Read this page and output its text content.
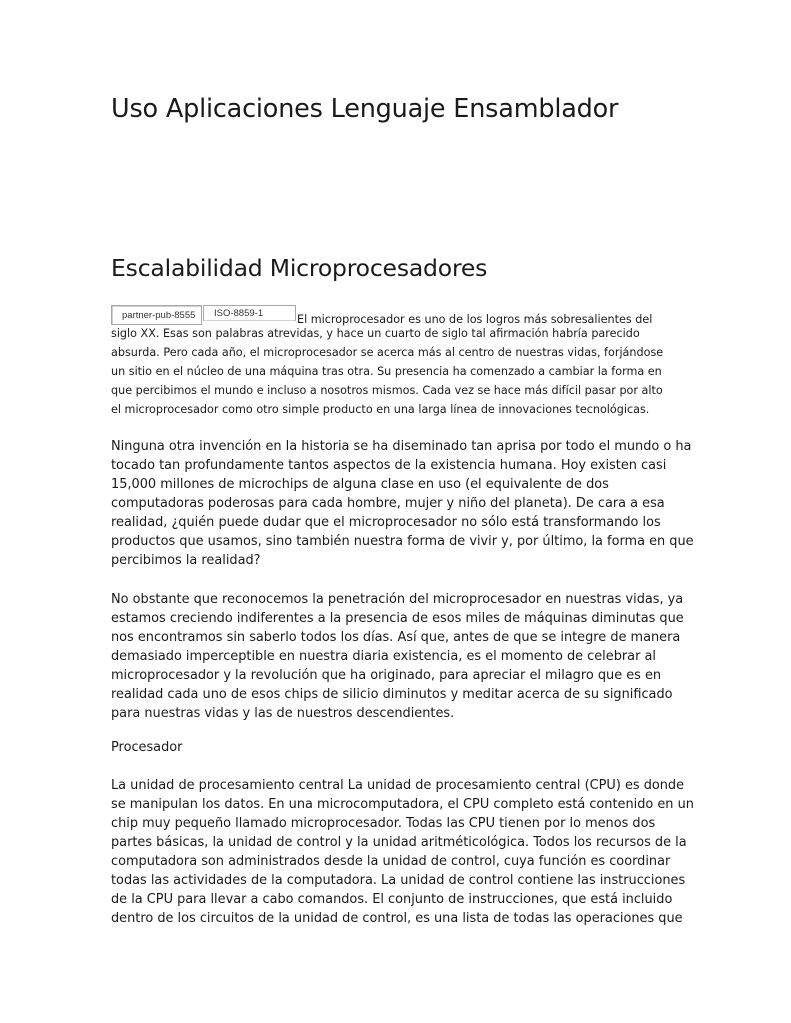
Uso Aplicaciones Lenguaje Ensamblador
Escalabilidad Microprocesadores
partner-pub-8555	ISO-8859-1	El microprocesador es uno de los logros más sobresalientes del
siglo XX. Esas son palabras atrevidas, y hace un cuarto de siglo tal afirmación habría parecido
absurda. Pero cada año, el microprocesador se acerca más al centro de nuestras vidas, forjándose
un sitio en el núcleo de una máquina tras otra. Su presencia ha comenzado a cambiar la forma en
que percibimos el mundo e incluso a nosotros mismos. Cada vez se hace más difícil pasar por alto
el microprocesador como otro simple producto en una larga línea de innovaciones tecnológicas.
Ninguna otra invención en la historia se ha diseminado tan aprisa por todo el mundo o ha
tocado tan profundamente tantos aspectos de la existencia humana. Hoy existen casi
15,000 millones de microchips de alguna clase en uso (el equivalente de dos
computadoras poderosas para cada hombre, mujer y niño del planeta). De cara a esa
realidad, ¿quién puede dudar que el microprocesador no sólo está transformando los
productos que usamos, sino también nuestra forma de vivir y, por último, la forma en que
percibimos la realidad?
No obstante que reconocemos la penetración del microprocesador en nuestras vidas, ya
estamos creciendo indiferentes a la presencia de esos miles de máquinas diminutas que
nos encontramos sin saberlo todos los días. Así que, antes de que se integre de manera
demasiado imperceptible en nuestra diaria existencia, es el momento de celebrar al
microprocesador y la revolución que ha originado, para apreciar el milagro que es en
realidad cada uno de esos chips de silicio diminutos y meditar acerca de su significado
para nuestras vidas y las de nuestros descendientes.
Procesador
La unidad de procesamiento central La unidad de procesamiento central (CPU) es donde
se manipulan los datos. En una microcomputadora, el CPU completo está contenido en un
chip muy pequeño llamado microprocesador. Todas las CPU tienen por lo menos dos
partes básicas, la unidad de control y la unidad aritméticológica. Todos los recursos de la
computadora son administrados desde la unidad de control, cuya función es coordinar
todas las actividades de la computadora. La unidad de control contiene las instrucciones
de la CPU para llevar a cabo comandos. El conjunto de instrucciones, que está incluido
dentro de los circuitos de la unidad de control, es una lista de todas las operaciones que
